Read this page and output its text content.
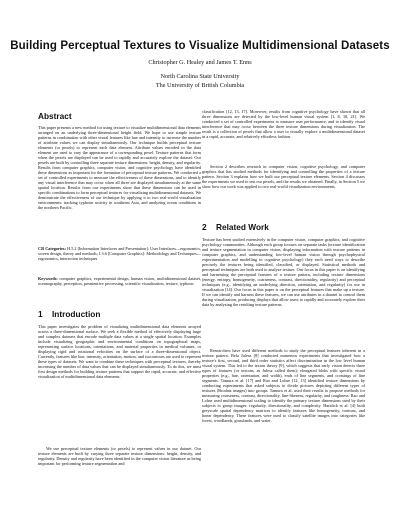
Building Perceptual Textures to Visualize Multidimensional Datasets
Christopher G. Healey and James T. Enns
North Carolina State University
The University of British Columbia
Abstract
This paper presents a new method for using texture to visualize multidimensional data elements arranged on an underlying three-dimensional height field. We hope to use simple texture patterns in combination with other visual features like hue and intensity to increase the number of attribute values we can display simultaneously. Our technique builds perceptual texture elements (or pexels) to represent each data element. Attribute values encoded in the data element are used to vary the appearance of a corresponding pexel. Texture patterns that form when the pexels are displayed can be used to rapidly and accurately explore the dataset. Our pexels are built by controlling three separate texture dimensions: height, density, and regularity. Results from computer graphics, computer vision, and cognitive psychology have identified these dimensions as important for the formation of perceptual texture patterns. We conducted a set of controlled experiments to measure the effectiveness of these dimensions, and to identify any visual interference that may occur when all three are displayed simultaneously at the same spatial location. Results from our experiments show that these dimensions can be used in specific combinations to form perceptual textures for visualizing multidimensional datasets. We demonstrate the effectiveness of our technique by applying it to two real-world visualization environments: tracking typhoon activity in southeast Asia, and analyzing ocean conditions in the northern Pacific.
CR Categories: H.5.2 [Information Interfaces and Presentation]: User Interfaces—ergonomics, screen design, theory and methods; I.3.6 [Computer Graphics]: Methodology and Techniques—ergonomics, interaction techniques
Keywords: computer graphics, experimental design, human vision, multidimensional dataset, oceanography, perception, preattentive processing, scientific visualization, texture, typhoon
1 Introduction
This paper investigates the problem of visualizing multidimensional data elements arrayed across a three-dimensional surface. We seek a flexible method of effectively displaying large and complex datasets that encode multiple data values at a single spatial location. Examples include visualizing geographic and environmental conditions on topographical maps, representing surface locations, orientations, and material properties in medical volumes, or displaying rigid and rotational velocities on the surface of a three-dimensional object. Currently, features like hue, intensity, orientation, motion, and isocontours are used to represent these types of datasets. We want to combine these techniques with perceptual textures, thereby increasing the number of data values that can be displayed simultaneously. To do this, we must first design methods for building texture patterns that support the rapid, accurate, and effective visualization of multidimensional data elements.
We use perceptual texture elements (or pexels) to represent values in our dataset. Our texture elements are built by varying three separate texture dimensions: height, density, and regularity. Density and regularity have been identified in the computer vision literature as being important for performing texture segmentation and
classification [12, 13, 17]. Moreover, results from cognitive psychology have shown that all three dimensions are detected by the low-level human visual system [1, 8, 18, 21]. We conducted a set of controlled experiments to measure user performance, and to identify visual interference that may occur between the three texture dimensions during visualization. The result is a collection of pexels that allow a user to visually explore a multidimensional dataset in a rapid, accurate, and relatively effortless fashion.
Section 2 describes research in computer vision, cognitive psychology, and computer graphics that has studied methods for identifying and controlling the properties of a texture pattern. Section 3 explains how we built our perceptual texture elements. Section 4 discusses the experiments we used to test our pexels, and the results we obtained. Finally, in Section 5 we show how our work was applied to two real-world visualization environments.
2 Related Work
Texture has been studied extensively in the computer vision, computer graphics, and cognitive psychology communities. Although each group focuses on separate tasks (texture identification and texture segmentation in computer vision, displaying information with texture patterns in computer graphics, and understanding low-level human vision through psychophysical experimentation and modelling in cognitive psychology) they each need ways to describe precisely the textures being identified, classified, or displayed. Statistical methods and perceptual techniques are both used to analyze texture. Our focus in this paper is on identifying and harnessing the perceptual features of a texture pattern, including texture dimensions (energy, entropy, homogeneity, coarseness, contrast, directionality, regularity) and perceptual techniques (e.g., identifying an underlying direction, orientation, and regularity) for use in visualization [14]. Our focus in this paper is on the perceptual features that make up a texture. If we can identify and harness these features, we can use attributes in a dataset to control them during visualization, producing displays that allow users to rapidly and accurately explore their data by analyzing the resulting texture patterns.
Researchers have used different methods to study the perceptual features inherent in a texture pattern. Bela Julesz [8] conducted numerous experiments that investigated how a texture's first, second, and third order statistics affect discrimination in the low level human visual system. This led to the texton theory [9], which suggests that early vision detects three types of features (or textons, as Julesz called them): elongated blobs with specific visual properties (e.g., hue, orientation, and width), ends of line segments, and crossings of line segments. Tamura et al. [17] and Rao and Lohse [12, 13] identified texture dimensions by conducting experiments that asked subjects to divide pictures depicting different types of textures (Brodatz images) into groups. Tamura et al. used their results to propose methods for measuring coarseness, contrast, directionality, line-likeness, regularity, and roughness. Rao and Lohse used multidimensional scaling to identify the primary texture dimensions used by their subjects to group images: regularity, directionality, and complexity. Haralick et al. [4] built greyscale spatial dependency matrices to identify features like homogeneity, contrast, and linear dependency. These features were used to classify satellite images into categories like forest, woodlands, grasslands, and water.
